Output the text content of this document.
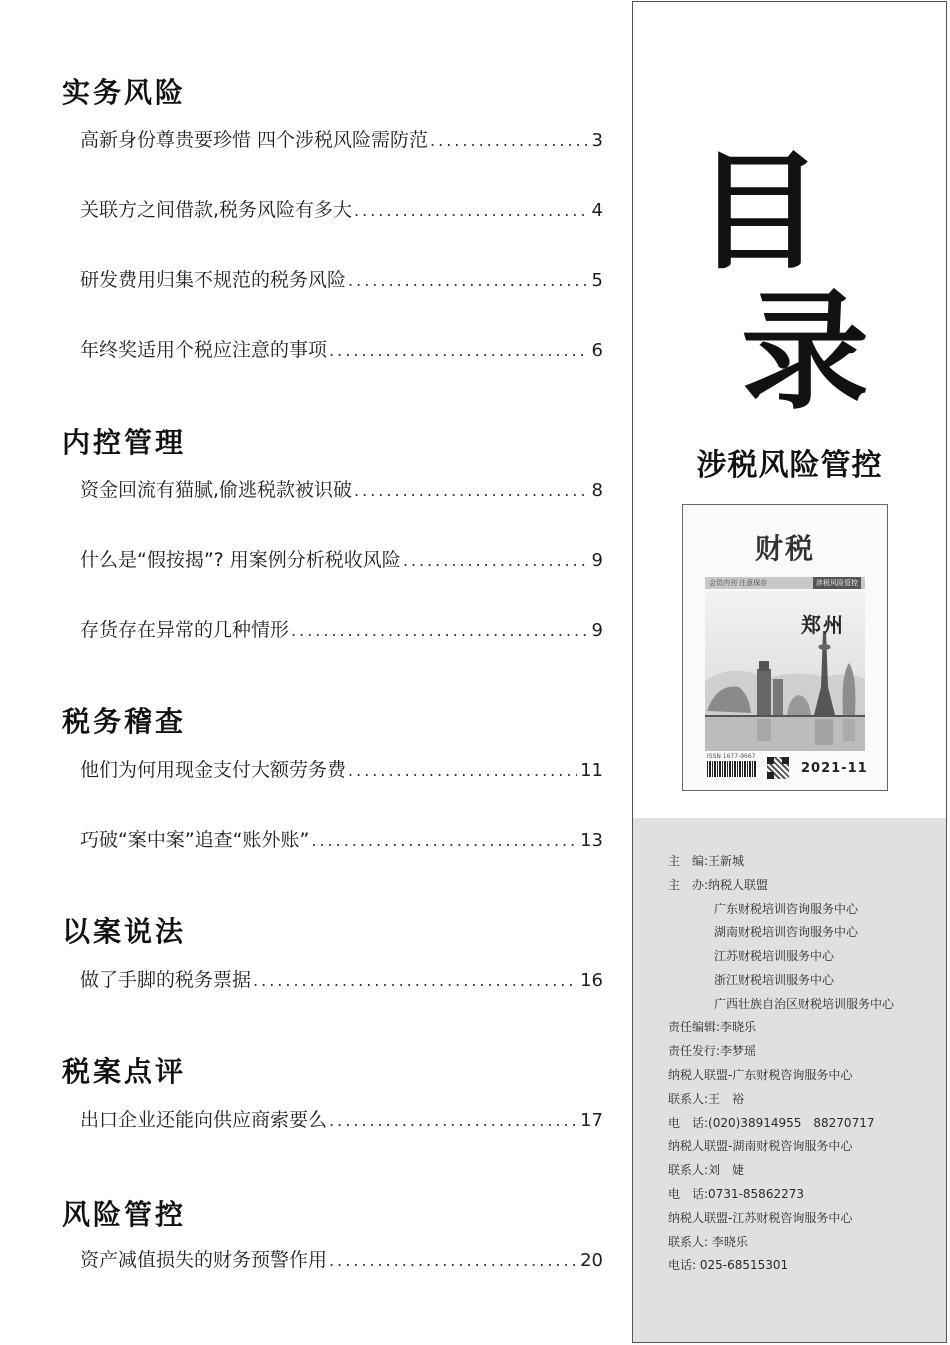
实务风险
高新身份尊贵要珍惜 四个涉税风险需防范 .....	3
关联方之间借款,税务风险有多大 .....	4
研发费用归集不规范的税务风险 .....	5
年终奖适用个税应注意的事项 .....	6
内控管理
资金回流有猫腻,偷逃税款被识破 .....	8
什么是“假按揭”? 用案例分析税收风险 .....	9
存货存在异常的几种情形 .....	9
税务稽查
他们为何用现金支付大额劳务费 .....	11
巧破“案中案”追查“账外账” .....	13
以案说法
做了手脚的税务票据 .....	16
税案点评
出口企业还能向供应商索要么 .....	17
风险管控
资产减值损失的财务预警作用 .....	20
目
录
涉税风险管控
财税
会员内刊 注意保存	涉税风险管控
郑州
ISSN 1677-9667
2021-11
主　编:王新城
主　办:纳税人联盟
广东财税培训咨询服务中心
湖南财税培训咨询服务中心
江苏财税培训服务中心
浙江财税培训服务中心
广西壮族自治区财税培训服务中心
责任编辑:李晓乐
责任发行:李梦瑶
纳税人联盟-广东财税咨询服务中心
联系人:王　裕
电　话:(020)38914955　88270717
纳税人联盟-湖南财税咨询服务中心
联系人:刘　婕
电　话:0731-85862273
纳税人联盟-江苏财税咨询服务中心
联系人: 李晓乐
电话: 025-68515301
